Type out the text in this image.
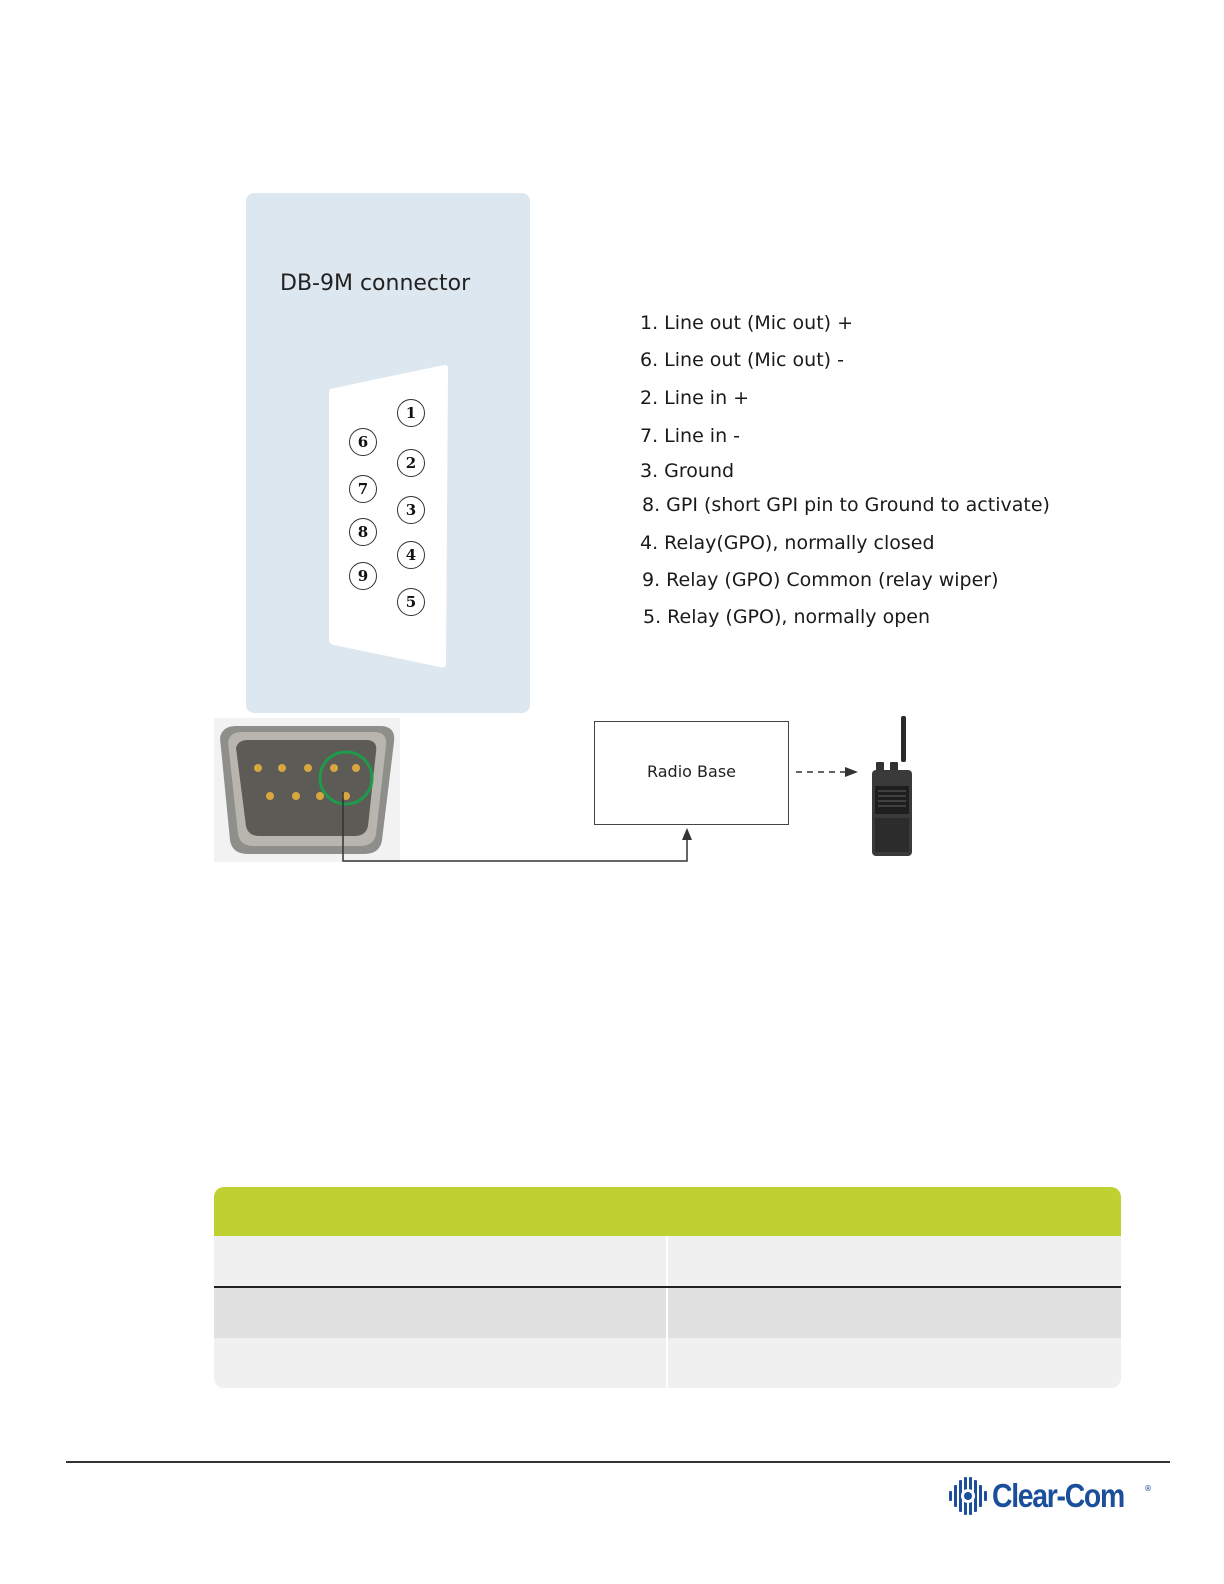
DB-9M connector
1
2
3
4
5
6
7
8
9
1. Line out (Mic out) +
6. Line out (Mic out) -
2. Line in +
7. Line in -
3. Ground
8. GPI (short GPI pin to Ground to activate)
4. Relay(GPO), normally closed
9. Relay (GPO) Common (relay wiper)
5. Relay (GPO), normally open
Radio Base
Clear-Com	®
